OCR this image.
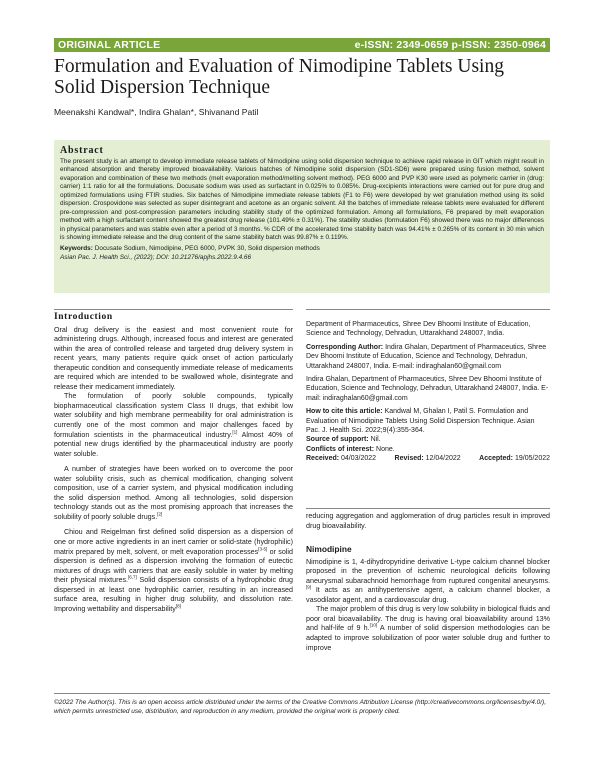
ORIGINAL ARTICLE	e-ISSN: 2349-0659 p-ISSN: 2350-0964
Formulation and Evaluation of Nimodipine Tablets Using Solid Dispersion Technique
Meenakshi Kandwal*, Indira Ghalan*, Shivanand Patil
Abstract
The present study is an attempt to develop immediate release tablets of Nimodipine using solid dispersion technique to achieve rapid release in GIT which might result in enhanced absorption and thereby improved bioavailability. Various batches of Nimodipine solid dispersion (SD1-SD6) were prepared using fusion method, solvent evaporation and combination of these two methods (melt evaporation method/melting solvent method). PEG 6000 and PVP K30 were used as polymeric carrier in (drug: carrier) 1:1 ratio for all the formulations. Docusate sodium was used as surfactant in 0.025% to 0.085%. Drug-excipients interactions were carried out for pure drug and optimized formulations using FTIR studies. Six batches of Nimodipine immediate release tablets (F1 to F6) were developed by wet granulation method using its solid dispersion. Crospovidone was selected as super disintegrant and acetone as an organic solvent. All the batches of immediate release tablets were evaluated for different pre-compression and post-compression parameters including stability study of the optimized formulation. Among all formulations, F6 prepared by melt evaporation method with a high surfactant content showed the greatest drug release (101.49% ± 0.31%). The stability studies (formulation F6) showed there was no major differences in physical parameters and was stable even after a period of 3 months. % CDR of the accelerated time stability batch was 94.41% ± 0.265% of its content in 30 min which is showing immediate release and the drug content of the same stability batch was 99.87% ± 0.119%.
Keywords: Docusate Sodium, Nimodipine, PEG 6000, PVPK 30, Solid dispersion methods
Asian Pac. J. Health Sci., (2022); DOI: 10.21276/apjhs.2022.9.4.66
Introduction

Oral drug delivery is the easiest and most convenient route for administering drugs. Although, increased focus and interest are generated within the area of controlled release and targeted drug delivery system in recent years, many patients require quick onset of action particularly therapeutic condition and consequently immediate release of medicaments are required which are intended to be swallowed whole, disintegrate and release their medicament immediately.

The formulation of poorly soluble compounds, typically biopharmaceutical classification system Class II drugs, that exhibit low water solubility and high membrane permeability for oral administration is currently one of the most common and major challenges faced by formulation scientists in the pharmaceutical industry.[1] Almost 40% of potential new drugs identified by the pharmaceutical industry are poorly water soluble.

A number of strategies have been worked on to overcome the poor water solubility crisis, such as chemical modification, changing solvent composition, use of a carrier system, and physical modification including the solid dispersion method. Among all technologies, solid dispersion technology stands out as the most promising approach that increases the solubility of poorly soluble drugs.[2]

Chiou and Reigelman first defined solid dispersion as a dispersion of one or more active ingredients in an inert carrier or solid-state (hydrophilic) matrix prepared by melt, solvent, or melt evaporation processes[3-5] or solid dispersion is defined as a dispersion involving the formation of eutectic mixtures of drugs with carriers that are easily soluble in water by melting their physical mixtures.[6,7] Solid dispersion consists of a hydrophobic drug dispersed in at least one hydrophilic carrier, resulting in an increased surface area, resulting in higher drug solubility, and dissolution rate. Improving wettability and dispersability[8]

Department of Pharmaceutics, Shree Dev Bhoomi Institute of Education, Science and Technology, Dehradun, Uttarakhand 248007, India.
Corresponding Author: Indira Ghalan, Department of Pharmaceutics, Shree Dev Bhoomi Institute of Education, Science and Technology, Dehradun, Uttarakhand 248007, India. E-mail: indiraghalan60@gmail.com
Indira Ghalan, Department of Pharmaceutics, Shree Dev Bhoomi Institute of Education, Science and Technology, Dehradun, Uttarakhand 248007, India. E-mail: indiraghalan60@gmail.com
How to cite this article: Kandwal M, Ghalan I, Patil S. Formulation and Evaluation of Nimodipine Tablets Using Solid Dispersion Technique. Asian Pac. J. Health Sci. 2022;9(4):355-364.
Source of support: Nil.
Conflicts of interest: None.
Received: 04/03/2022	Revised: 12/04/2022	Accepted: 19/05/2022

reducing aggregation and agglomeration of drug particles result in improved drug bioavailability.

Nimodipine

Nimodipine is 1, 4-dihydropyridine derivative L-type calcium channel blocker proposed in the prevention of ischemic neurological deficits following aneurysmal subarachnoid hemorrhage from ruptured congenital aneurysms.[9] It acts as an antihypertensive agent, a calcium channel blocker, a vasodilator agent, and a cardiovascular drug.

The major problem of this drug is very low solubility in biological fluids and poor oral bioavailability. The drug is having oral bioavailability around 13% and half-life of 9 h.[10] A number of solid dispersion methodologies can be adapted to improve solubilization of poor water soluble drug and further to improve

©2022 The Author(s). This is an open access article distributed under the terms of the Creative Commons Attribution License (http://creativecommons.org/licenses/by/4.0/), which permits unrestricted use, distribution, and reproduction in any medium, provided the original work is properly cited.
